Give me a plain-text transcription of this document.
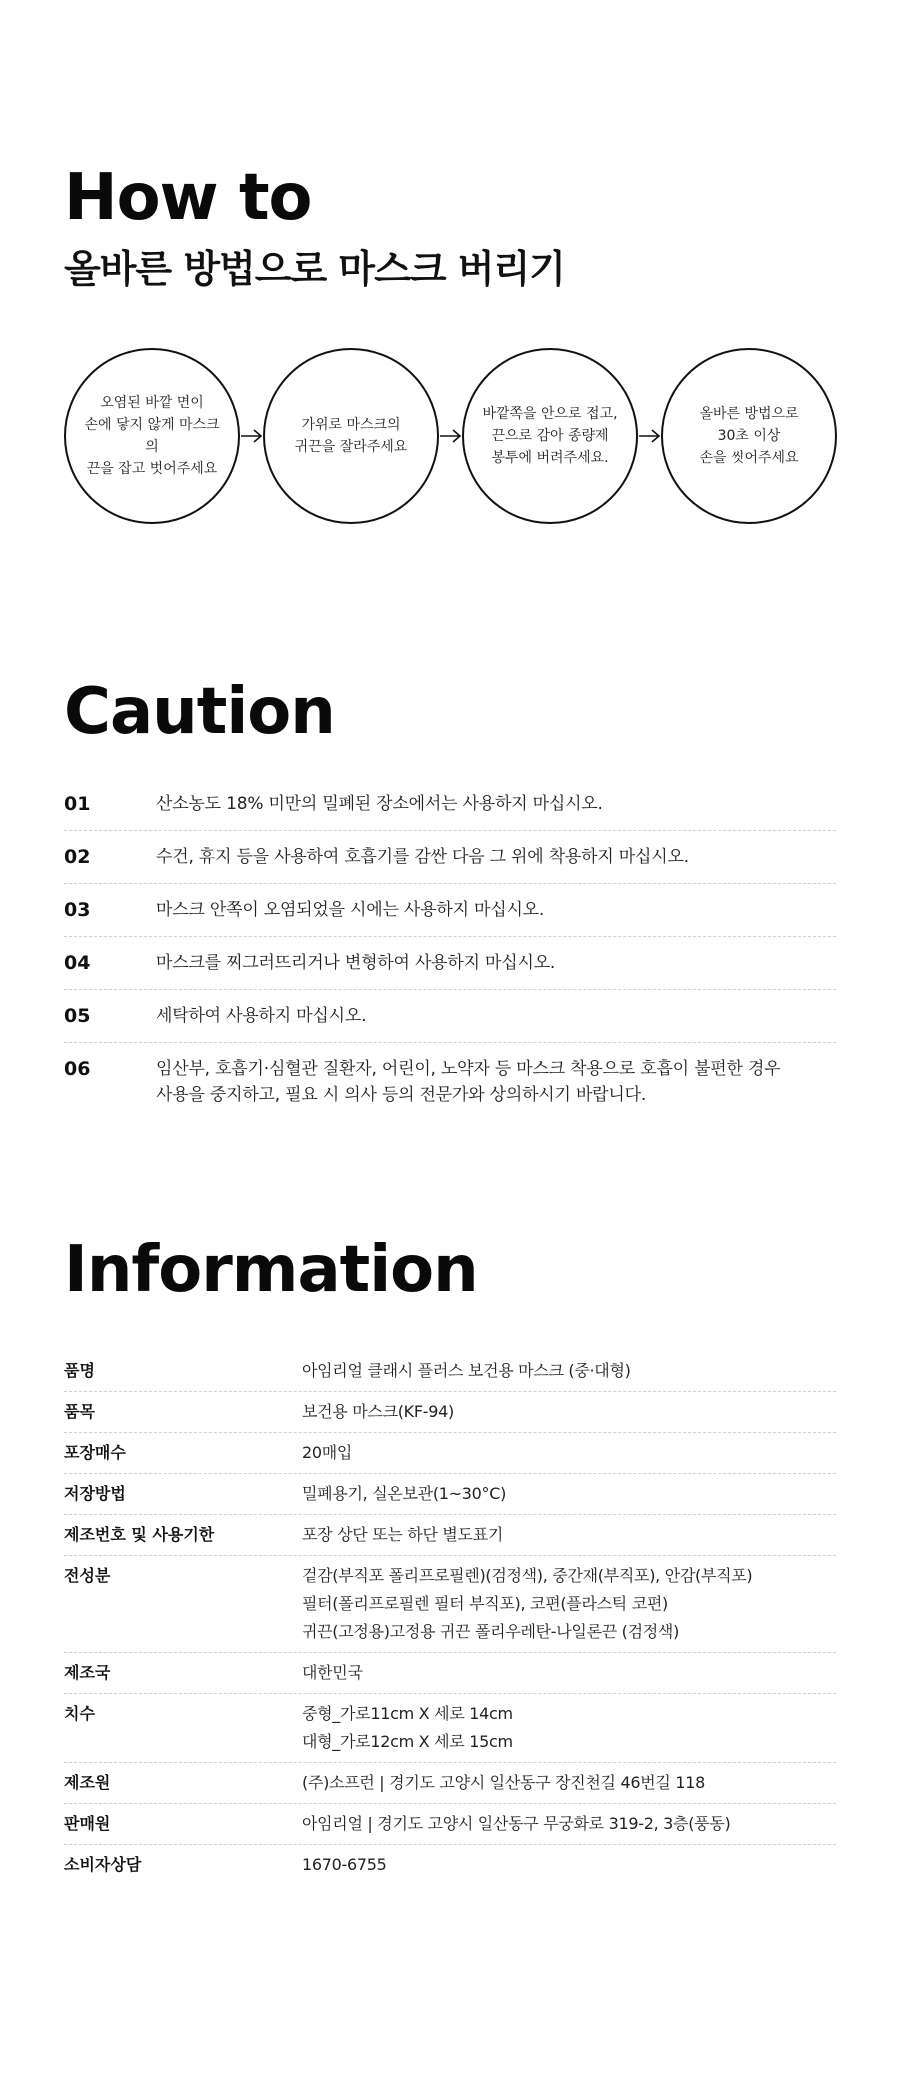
How to
올바른 방법으로 마스크 버리기
오염된 바깥 면이
손에 닿지 않게 마스크의
끈을 잡고 벗어주세요
가위로 마스크의
귀끈을 잘라주세요
바깥쪽을 안으로 접고,
끈으로 감아 종량제
봉투에 버려주세요.
올바른 방법으로
30초 이상
손을 씻어주세요
Caution
01	산소농도 18% 미만의 밀폐된 장소에서는 사용하지 마십시오.
02	수건, 휴지 등을 사용하여 호흡기를 감싼 다음 그 위에 착용하지 마십시오.
03	마스크 안쪽이 오염되었을 시에는 사용하지 마십시오.
04	마스크를 찌그러뜨리거나 변형하여 사용하지 마십시오.
05	세탁하여 사용하지 마십시오.
06	임산부, 호흡기·심혈관 질환자, 어린이, 노약자 등 마스크 착용으로 호흡이 불편한 경우
사용을 중지하고, 필요 시 의사 등의 전문가와 상의하시기 바랍니다.
Information
품명	아임리얼 클래시 플러스 보건용 마스크 (중·대형)
품목	보건용 마스크(KF-94)
포장매수	20매입
저장방법	밀폐용기, 실온보관(1~30°C)
제조번호 및 사용기한	포장 상단 또는 하단 별도표기
전성분	겉감(부직포 폴리프로필렌)(검정색), 중간재(부직포), 안감(부직포)
필터(폴리프로필렌 필터 부직포), 코편(플라스틱 코편)
귀끈(고정용)고정용 귀끈 폴리우레탄-나일론끈 (검정색)
제조국	대한민국
치수	중형_가로11cm X 세로 14cm
대형_가로12cm X 세로 15cm
제조원	(주)소프런 | 경기도 고양시 일산동구 장진천길 46번길 118
판매원	아임리얼 | 경기도 고양시 일산동구 무궁화로 319-2, 3층(풍동)
소비자상담	1670-6755
